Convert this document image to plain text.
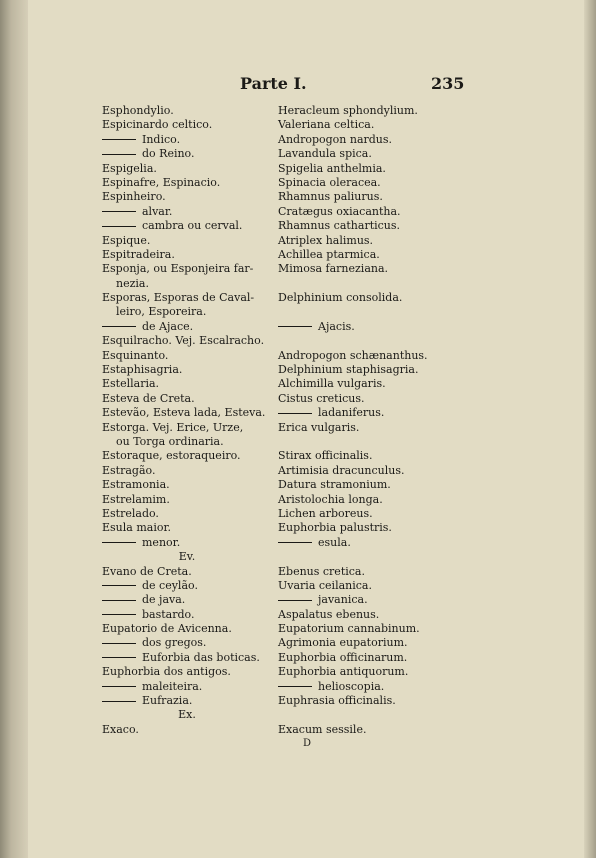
Parte I.	235
Esphondylio.
Espicinardo celtico.
Indico.
do Reino.
Espigelia.
Espinafre, Espinacio.
Espinheiro.
alvar.
cambra ou cerval.
Espique.
Espitradeira.
Esponja, ou Esponjeira far-
nezia.
Esporas, Esporas de Caval-
leiro, Esporeira.
de Ajace.
Esquilracho. Vej. Escalracho.
Esquinanto.
Estaphisagria.
Estellaria.
Esteva de Creta.
Estevão, Esteva lada, Esteva.
Estorga. Vej. Erice, Urze,
ou Torga ordinaria.
Estoraque, estoraqueiro.
Estragão.
Estramonia.
Estrelamim.
Estrelado.
Esula maior.
menor.
Ev.
Evano de Creta.
de ceylão.
de java.
bastardo.
Eupatorio de Avicenna.
dos gregos.
Euforbia das boticas.
Euphorbia dos antigos.
maleiteira.
Eufrazia.
Ex.
Exaco.
Heracleum sphondylium.
Valeriana celtica.
Andropogon nardus.
Lavandula spica.
Spigelia anthelmia.
Spinacia oleracea.
Rhamnus paliurus.
Cratægus oxiacantha.
Rhamnus catharticus.
Atriplex halimus.
Achillea ptarmica.
Mimosa farneziana.
Delphinium consolida.
Ajacis.
Andropogon schænanthus.
Delphinium staphisagria.
Alchimilla vulgaris.
Cistus creticus.
ladaniferus.
Erica vulgaris.
Stirax officinalis.
Artimisia dracunculus.
Datura stramonium.
Aristolochia longa.
Lichen arboreus.
Euphorbia palustris.
esula.
Ebenus cretica.
Uvaria ceilanica.
javanica.
Aspalatus ebenus.
Eupatorium cannabinum.
Agrimonia eupatorium.
Euphorbia officinarum.
Euphorbia antiquorum.
helioscopia.
Euphrasia officinalis.
Exacum sessile.
D
